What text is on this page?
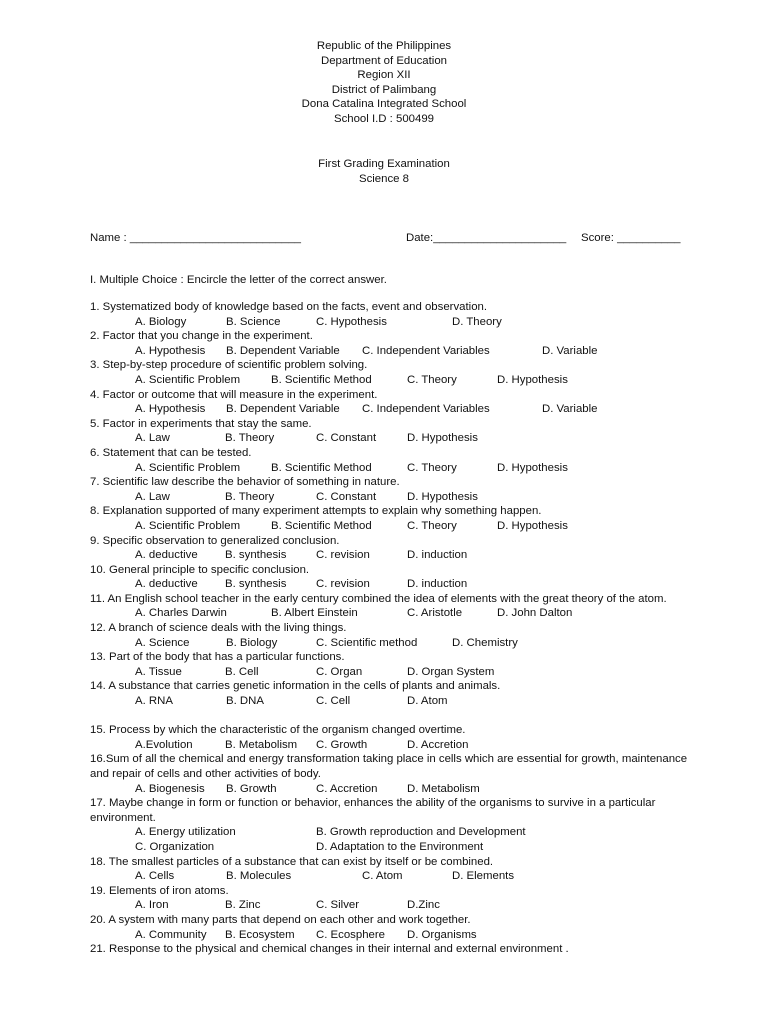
Republic of the Philippines
Department of Education
Region XII
District of Palimbang
Dona Catalina Integrated School
School I.D : 500499
First Grading Examination
Science 8
Name : ___________________________	Date:_____________________ Score: __________
I. Multiple Choice : Encircle the letter of the correct answer.
1. Systematized body of knowledge based on the facts, event and observation.
A. Biology	B. Science	C. Hypothesis	D. Theory
2. Factor that you change in the experiment.
A. Hypothesis B. Dependent Variable C. Independent Variables	D. Variable
3. Step-by-step procedure of scientific problem solving.
A. Scientific Problem	B. Scientific Method	C. Theory	D. Hypothesis
4. Factor or outcome that will measure in the experiment.
A. Hypothesis B. Dependent Variable C. Independent Variables	D. Variable
5. Factor in experiments that stay the same.
A. Law	B. Theory	C. Constant	D. Hypothesis
6. Statement that can be tested.
A. Scientific Problem	B. Scientific Method	C. Theory	D. Hypothesis
7. Scientific law describe the behavior of something in nature.
A. Law	B. Theory	C. Constant	D. Hypothesis
8. Explanation supported of many experiment attempts to explain why something happen.
A. Scientific Problem	B. Scientific Method	C. Theory	D. Hypothesis
9. Specific observation to generalized conclusion.
A. deductive B. synthesis	C. revision	D. induction
10. General principle to specific conclusion.
A. deductive B. synthesis	C. revision	D. induction
11. An English school teacher in the early century combined the idea of elements with the great theory of the atom.
A. Charles Darwin	B. Albert Einstein	C. Aristotle	D. John Dalton
12. A branch of science deals with the living things.
A. Science	B. Biology	C. Scientific method	D. Chemistry
13. Part of the body that has a particular functions.
A. Tissue	B. Cell	C. Organ	D. Organ System
14. A substance that carries genetic information in the cells of plants and animals.
A. RNA	B. DNA	C. Cell	D. Atom
15. Process by which the characteristic of the organism changed overtime.
A.Evolution	B. Metabolism C. Growth	D. Accretion
16.Sum of all the chemical and energy transformation taking place in cells which are essential for growth, maintenance and repair of cells and other activities of body.
A. Biogenesis B. Growth	C. Accretion	D. Metabolism
17. Maybe change in form or function or behavior, enhances the ability of the organisms to survive in a particular environment.
A. Energy utilization	B. Growth reproduction and Development
C. Organization	D. Adaptation to the Environment
18. The smallest particles of a substance that can exist by itself or be combined.
A. Cells	B. Molecules	C. Atom	D. Elements
19. Elements of iron atoms.
A. Iron	B. Zinc	C. Silver	D.Zinc
20. A system with many parts that depend on each other and work together.
A. Community B. Ecosystem C. Ecosphere D. Organisms
21. Response to the physical and chemical changes in their internal and external environment .
